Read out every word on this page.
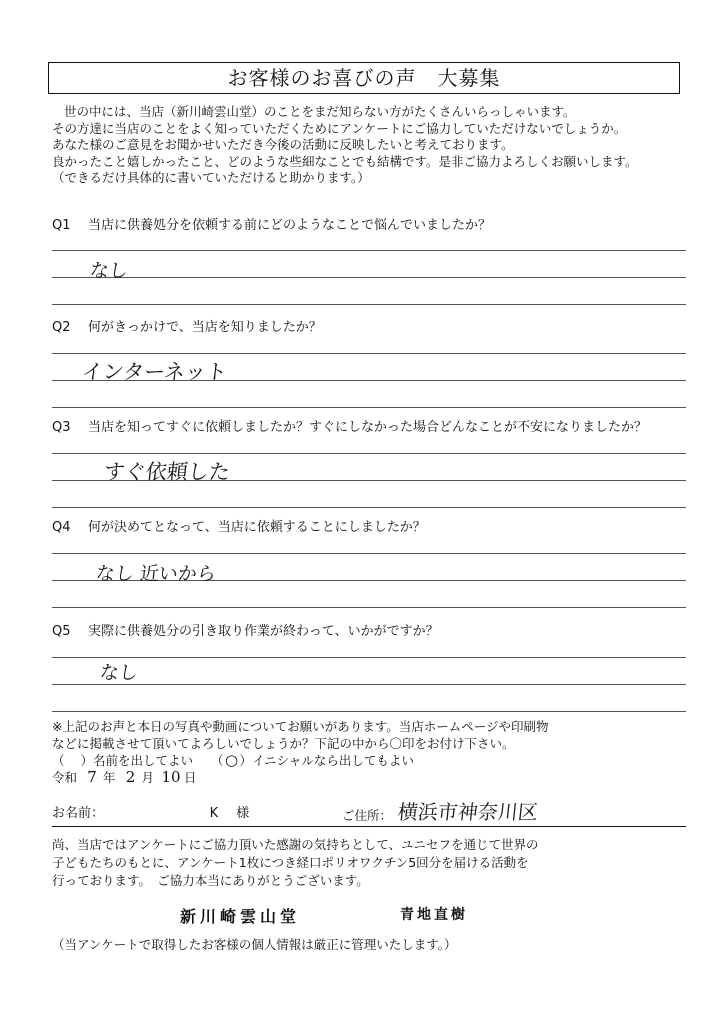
お客様のお喜びの声　大募集
世の中には、当店（新川崎雲山堂）のことをまだ知らない方がたくさんいらっしゃいます。
その方達に当店のことをよく知っていただくためにアンケートにご協力していただけないでしょうか。
あなた様のご意見をお聞かせいただき今後の活動に反映したいと考えております。
良かったこと嬉しかったこと、どのような些細なことでも結構です。是非ご協力よろしくお願いします。
（できるだけ具体的に書いていただけると助かります。）
Q1 当店に供養処分を依頼する前にどのようなことで悩んでいましたか？
なし
Q2 何がきっかけで、当店を知りましたか？
インターネット
Q3 当店を知ってすぐに依頼しましたか？すぐにしなかった場合どんなことが不安になりましたか？
すぐ依頼した
Q4 何が決めてとなって、当店に依頼することにしましたか？
なし 近いから
Q5 実際に供養処分の引き取り作業が終わって、いかがですか？
なし
※上記のお声と本日の写真や動画についてお願いがあります。当店ホームページや印刷物
などに掲載させて頂いてよろしいでしょうか？下記の中から〇印をお付け下さい。
（ ）名前を出してよい （○）イニシャルなら出してもよい
令和 7 年 2 月 10 日
お名前：	K 様	ご住所： 横浜市神奈川区
尚、当店ではアンケートにご協力頂いた感謝の気持ちとして、ユニセフを通じて世界の
子どもたちのもとに、アンケート1枚につき経口ポリオワクチン5回分を届ける活動を
行っております。　ご協力本当にありがとうございます。
新川崎雲山堂	青地直樹
（当アンケートで取得したお客様の個人情報は厳正に管理いたします。）
